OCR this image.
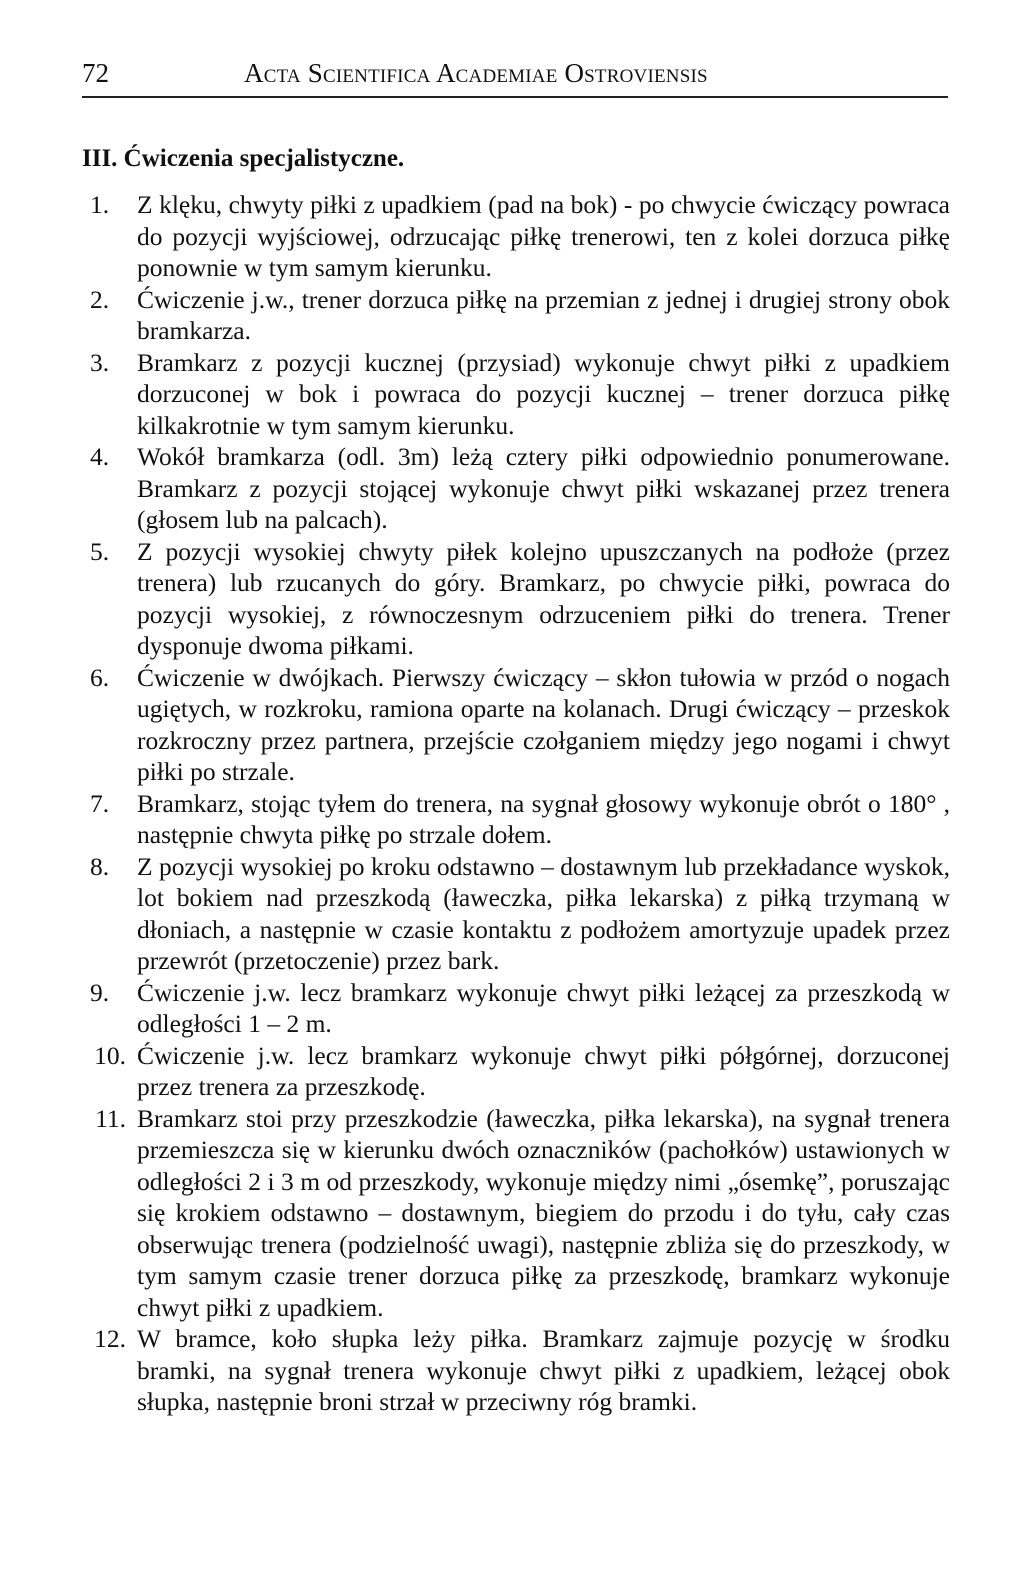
72	Acta Scientifica Academiae Ostroviensis
III. Ćwiczenia specjalistyczne.
1.	Z klęku, chwyty piłki z upadkiem (pad na bok) - po chwycie ćwiczący powraca do pozycji wyjściowej, odrzucając piłkę trenerowi, ten z kolei dorzuca piłkę ponownie w tym samym kierunku.
2.	Ćwiczenie j.w., trener dorzuca piłkę na przemian z jednej i drugiej strony obok bramkarza.
3.	Bramkarz z pozycji kucznej (przysiad) wykonuje chwyt piłki z upadkiem dorzuconej w bok i powraca do pozycji kucznej – trener dorzuca piłkę kilkakrotnie w tym samym kierunku.
4.	Wokół bramkarza (odl. 3m) leżą cztery piłki odpowiednio ponumerowane. Bramkarz z pozycji stojącej wykonuje chwyt piłki wskazanej przez trenera (głosem lub na palcach).
5.	Z pozycji wysokiej chwyty piłek kolejno upuszczanych na podłoże (przez trenera) lub rzucanych do góry. Bramkarz, po chwycie piłki, powraca do pozycji wysokiej, z równoczesnym odrzuceniem piłki do trenera. Trener dysponuje dwoma piłkami.
6.	Ćwiczenie w dwójkach. Pierwszy ćwiczący – skłon tułowia w przód o nogach ugiętych, w rozkroku, ramiona oparte na kolanach. Drugi ćwiczący – przeskok rozkroczny przez partnera, przejście czołganiem między jego nogami i chwyt piłki po strzale.
7.	Bramkarz, stojąc tyłem do trenera, na sygnał głosowy wykonuje obrót o 180° , następnie chwyta piłkę po strzale dołem.
8.	Z pozycji wysokiej po kroku odstawno – dostawnym lub przekładance wyskok, lot bokiem nad przeszkodą (ławeczka, piłka lekarska) z piłką trzymaną w dłoniach, a następnie w czasie kontaktu z podłożem amortyzuje upadek przez przewrót (przetoczenie) przez bark.
9.	Ćwiczenie j.w. lecz bramkarz wykonuje chwyt piłki leżącej za przeszkodą w odległości 1 – 2 m.
10. Ćwiczenie j.w. lecz bramkarz wykonuje chwyt piłki półgórnej, dorzuconej przez trenera za przeszkodę.
11. Bramkarz stoi przy przeszkodzie (ławeczka, piłka lekarska), na sygnał trenera przemieszcza się w kierunku dwóch oznaczników (pachołków) ustawionych w odległości 2 i 3 m od przeszkody, wykonuje między nimi „ósemkę”, poruszając się krokiem odstawno – dostawnym, biegiem do przodu i do tyłu, cały czas obserwując trenera (podzielność uwagi), następnie zbliża się do przeszkody, w tym samym czasie trener dorzuca piłkę za przeszkodę, bramkarz wykonuje chwyt piłki z upadkiem.
12. W bramce, koło słupka leży piłka. Bramkarz zajmuje pozycję w środku bramki, na sygnał trenera wykonuje chwyt piłki z upadkiem, leżącej obok słupka, następnie broni strzał w przeciwny róg bramki.
